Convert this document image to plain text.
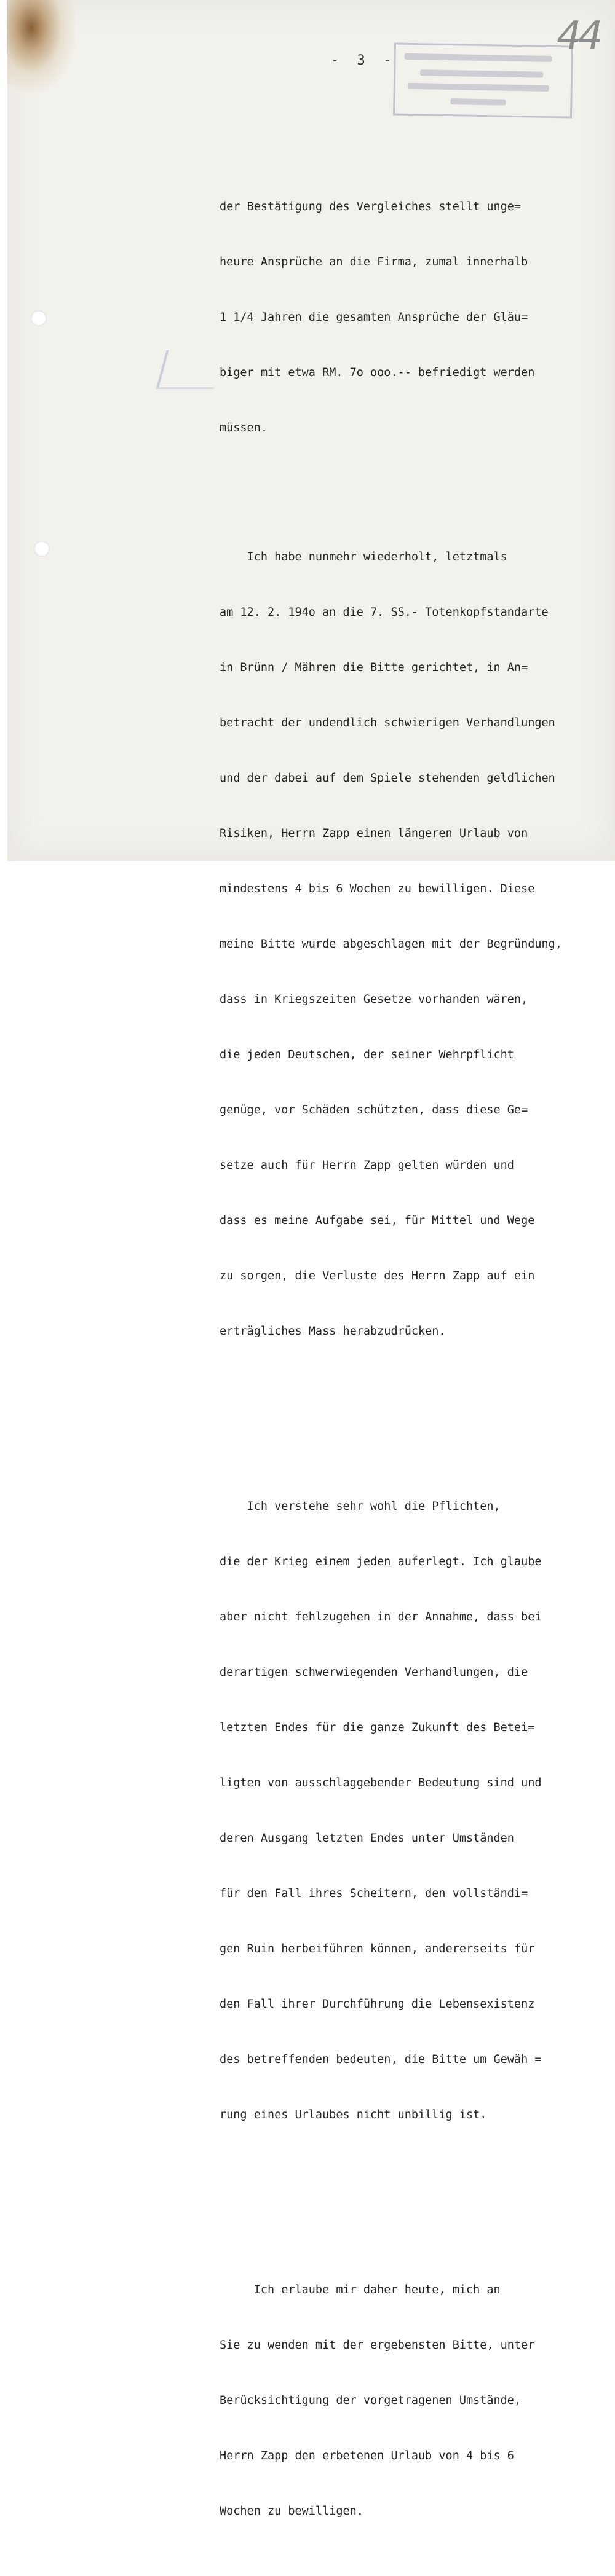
44
- 3 -

der Bestätigung des Vergleiches stellt unge=

heure Ansprüche an die Firma, zumal innerhalb

1 1/4 Jahren die gesamten Ansprüche der Gläu=

biger mit etwa RM. 7o ooo.-- befriedigt werden

müssen.

Ich habe nunmehr wiederholt, letztmals

am 12. 2. 194o an die 7. SS.- Totenkopfstandarte

in Brünn / Mähren die Bitte gerichtet, in An=

betracht der undendlich schwierigen Verhandlungen

und der dabei auf dem Spiele stehenden geldlichen

Risiken, Herrn Zapp einen längeren Urlaub von

mindestens 4 bis 6 Wochen zu bewilligen. Diese

meine Bitte wurde abgeschlagen mit der Begründung,

dass in Kriegszeiten Gesetze vorhanden wären,

die jeden Deutschen, der seiner Wehrpflicht

genüge, vor Schäden schützten, dass diese Ge=

setze auch für Herrn Zapp gelten würden und

dass es meine Aufgabe sei, für Mittel und Wege

zu sorgen, die Verluste des Herrn Zapp auf ein

erträgliches Mass herabzudrücken.

Ich verstehe sehr wohl die Pflichten,

die der Krieg einem jeden auferlegt. Ich glaube

aber nicht fehlzugehen in der Annahme, dass bei

derartigen schwerwiegenden Verhandlungen, die

letzten Endes für die ganze Zukunft des Betei=

ligten von ausschlaggebender Bedeutung sind und

deren Ausgang letzten Endes unter Umständen

für den Fall ihres Scheitern, den vollständi=

gen Ruin herbeiführen können, andererseits für

den Fall ihrer Durchführung die Lebensexistenz

des betreffenden bedeuten, die Bitte um Gewäh =

rung eines Urlaubes nicht unbillig ist.

Ich erlaube mir daher heute, mich an

Sie zu wenden mit der ergebensten Bitte, unter

Berücksichtigung der vorgetragenen Umstände,

Herrn Zapp den erbetenen Urlaub von 4 bis 6

Wochen zu bewilligen.
